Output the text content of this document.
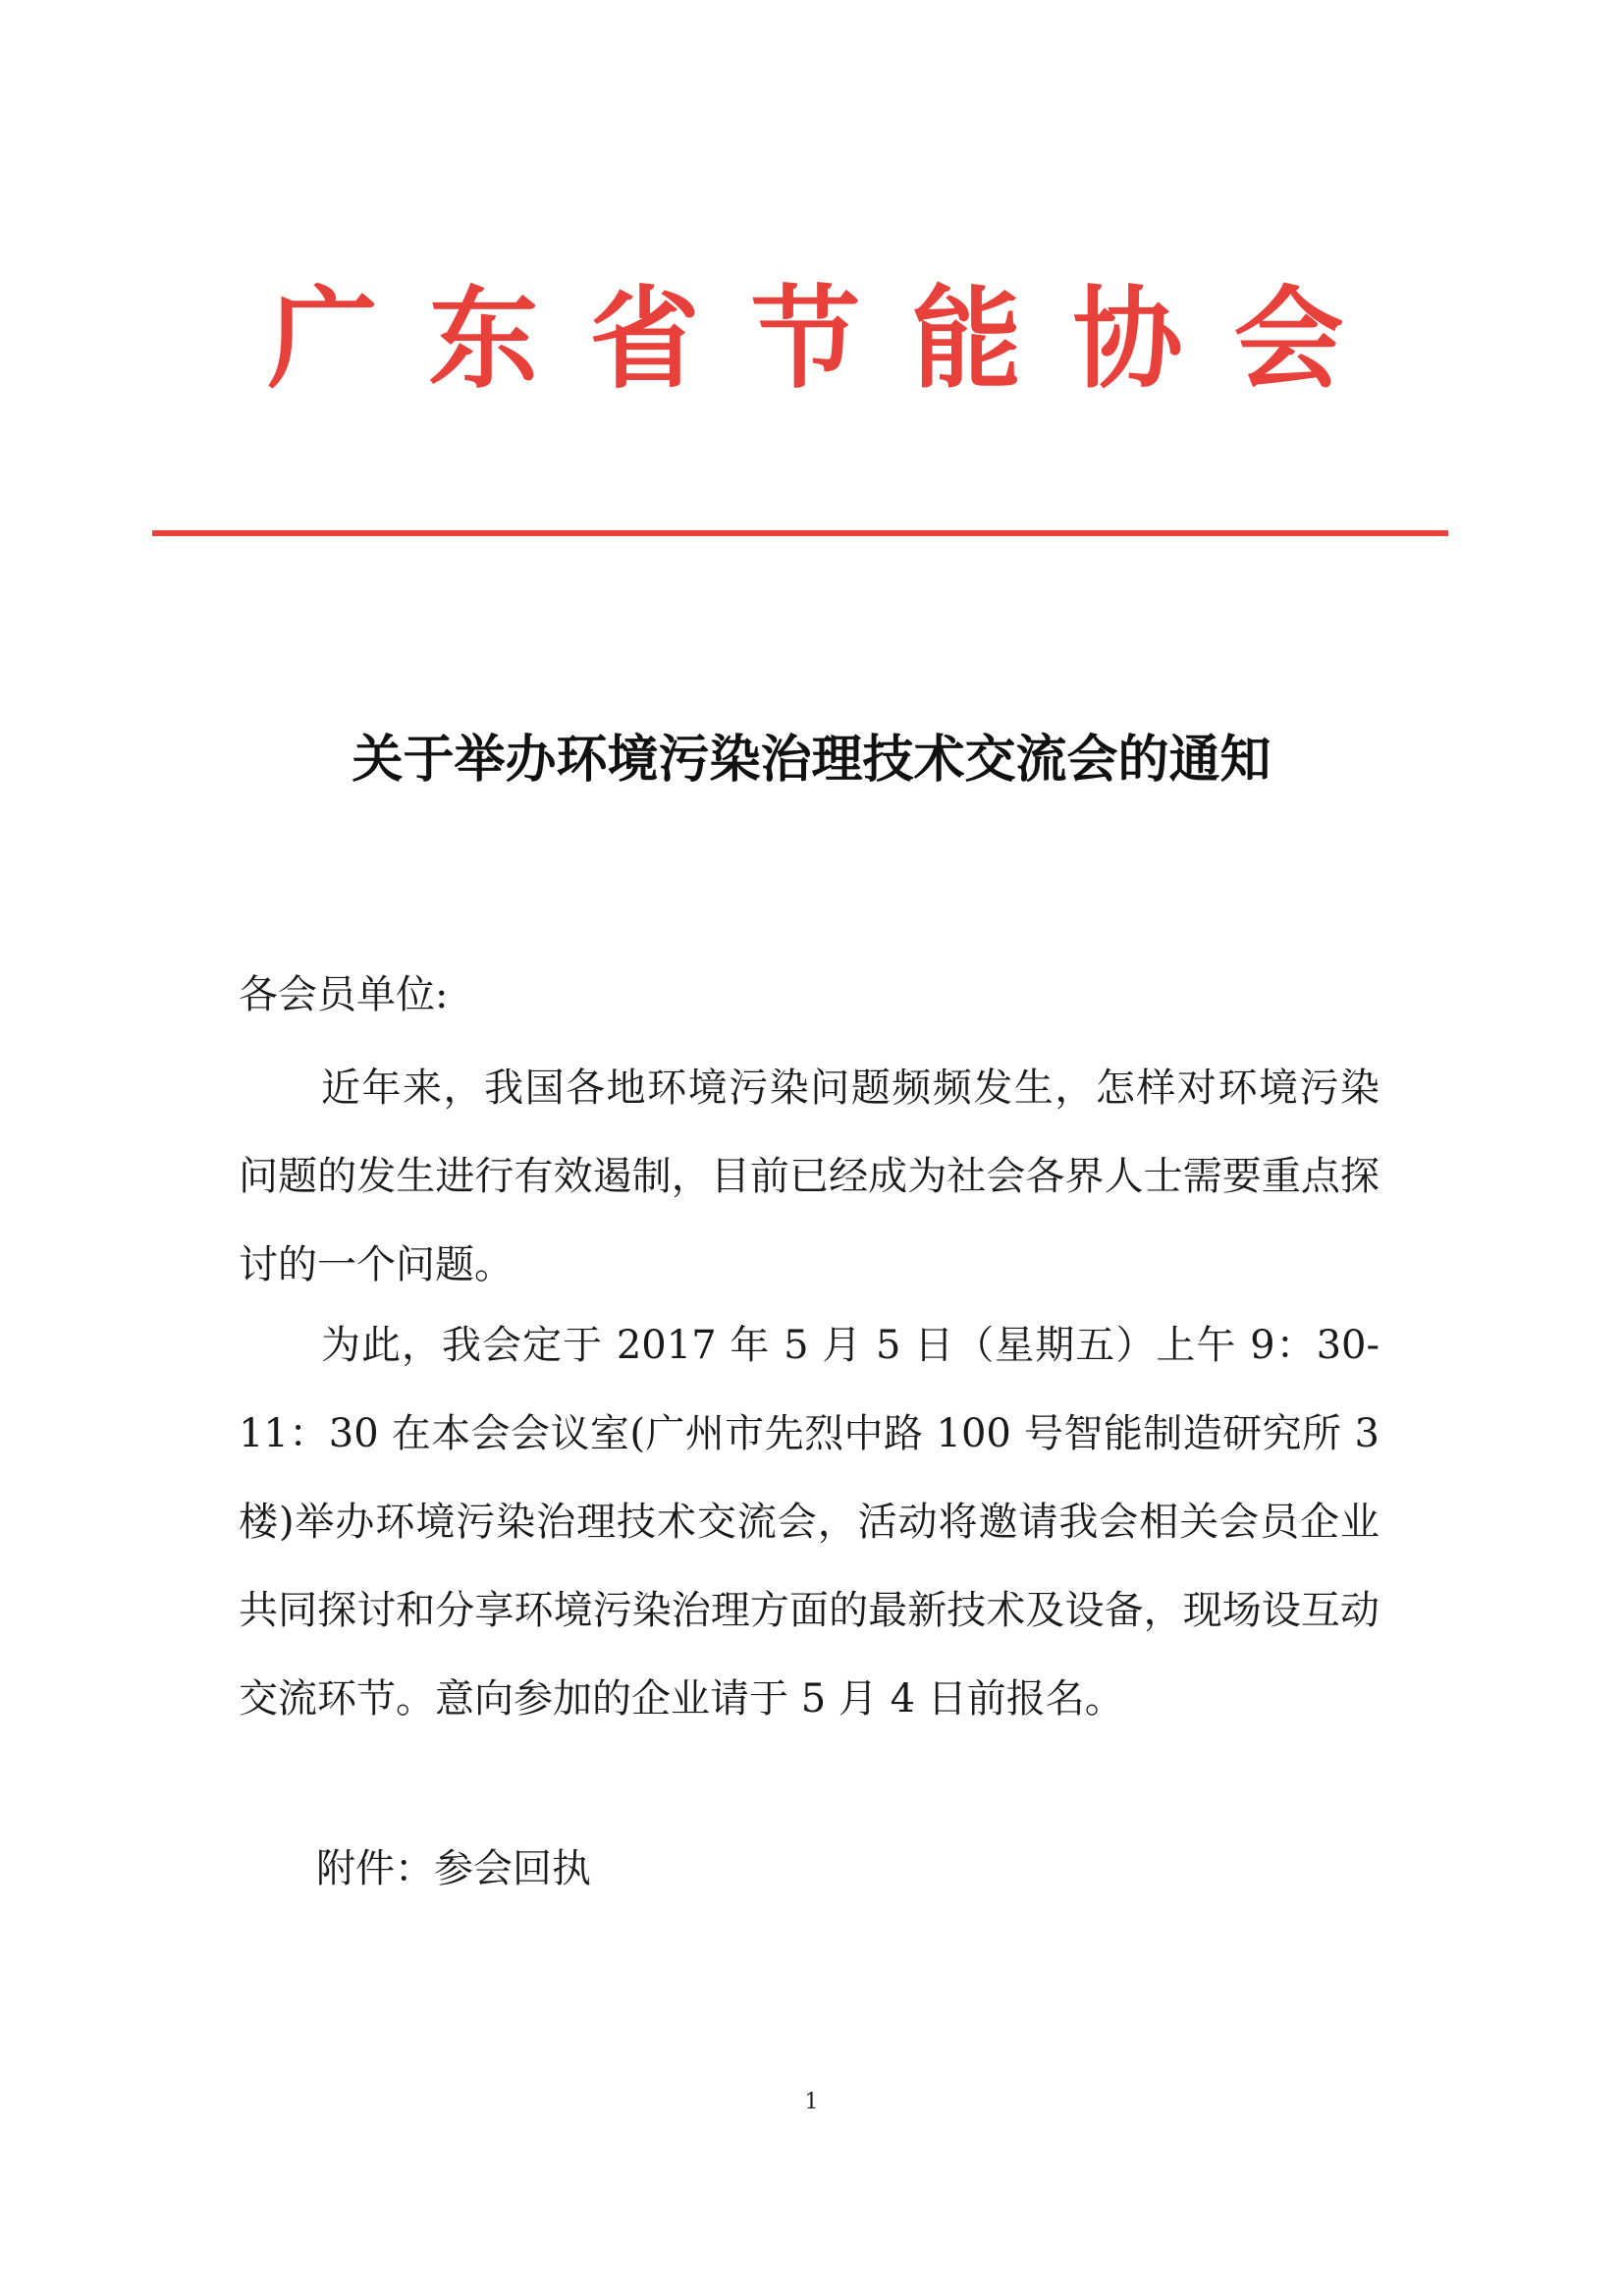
广东省节能协会
关于举办环境污染治理技术交流会的通知
各会员单位:

近年来，我国各地环境污染问题频频发生，怎样对环境污染问题的发生进行有效遏制，目前已经成为社会各界人士需要重点探讨的一个问题。

为此，我会定于 2017 年 5 月 5 日（星期五）上午 9：30-11：30 在本会会议室(广州市先烈中路 100 号智能制造研究所 3 楼)举办环境污染治理技术交流会，活动将邀请我会相关会员企业共同探讨和分享环境污染治理方面的最新技术及设备，现场设互动交流环节。意向参加的企业请于 5 月 4 日前报名。

附件：参会回执
1
